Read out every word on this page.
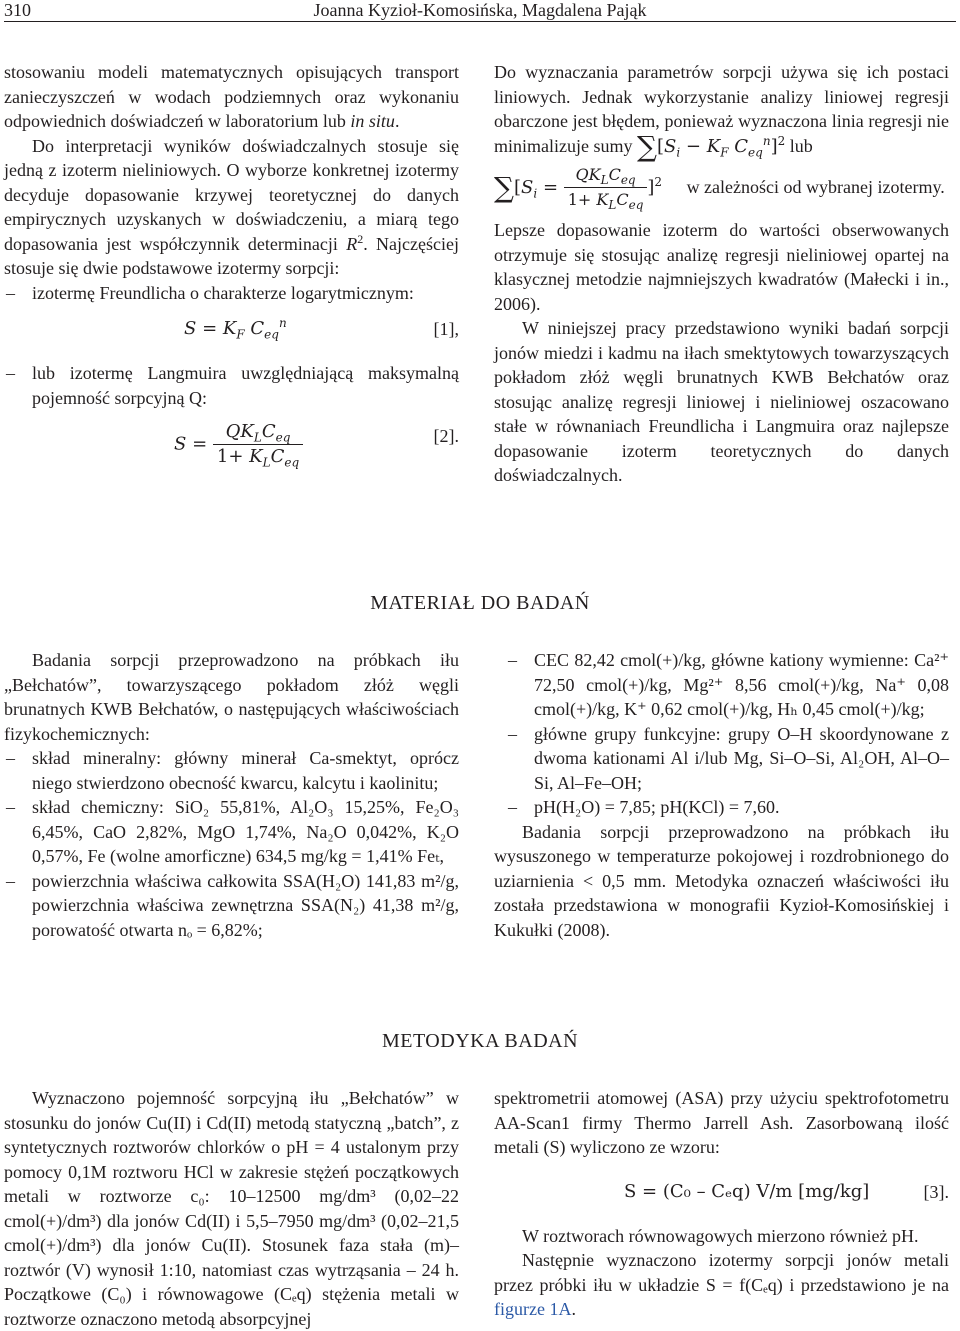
310	Joanna Kyzioł-Komosińska, Magdalena Pająk

stosowaniu modeli matematycznych opisujących transport zanieczyszczeń w wodach podziemnych oraz wykonaniu odpowiednich doświadczeń w laboratorium lub in situ.

Do interpretacji wyników doświadczalnych stosuje się jedną z izoterm nieliniowych. O wyborze konkretnej izotermy decyduje dopasowanie krzywej teoretycznej do danych empirycznych uzyskanych w doświadczeniu, a miarą tego dopasowania jest współczynnik determinacji $R^2$. Najczęściej stosuje się dwie podstawowe izotermy sorpcji:

– izotermę Freundlicha o charakterze logarytmicznym:

$S = K_F$ $C_{eq}^n$	[1],

– lub izotermę Langmuira uwzględniającą maksymalną pojemność sorpcyjną Q:

$S = \frac{QK_LC_{eq}}{1+ K_LC_{eq}}$	[2].

Do wyznaczania parametrów sorpcji używa się ich postaci liniowych. Jednak wykorzystanie analizy liniowej regresji obarczone jest błędem, ponieważ wyznaczona linia regresji nie minimalizuje sumy $\sum[S_i - K_F$ $C_{eq}^n]^2$ lub

$\sum[S_i = \frac{QK_LC_{eq}}{1+ K_LC_{eq}} ]^2$ w zależności od wybranej izotermy.

Lepsze dopasowanie izoterm do wartości obserwowanych otrzymuje się stosując analizę regresji nieliniowej opartej na klasycznej metodzie najmniejszych kwadratów (Małecki i in., 2006).

W niniejszej pracy przedstawiono wyniki badań sorpcji jonów miedzi i kadmu na iłach smektytowych towarzyszących pokładom złóż węgli brunatnych KWB Bełchatów oraz stosując analizę regresji liniowej i nieliniowej oszacowano stałe w równaniach Freundlicha i Langmuira oraz najlepsze dopasowanie izoterm teoretycznych do danych doświadczalnych.

MATERIAŁ DO BADAŃ

Badania sorpcji przeprowadzono na próbkach iłu „Bełchatów”, towarzyszącego pokładom złóż węgli brunatnych KWB Bełchatów, o następujących właściwościach fizykochemicznych:

– skład mineralny: główny minerał Ca-smektyt, oprócz niego stwierdzono obecność kwarcu, kalcytu i kaolinitu;

– skład chemiczny: SiO₂ 55,81%, Al₂O₃ 15,25%, Fe₂O₃ 6,45%, CaO 2,82%, MgO 1,74%, Na₂O 0,042%, K₂O 0,57%, Fe (wolne amorficzne) 634,5 mg/kg = 1,41% Feₜ,

– powierzchnia właściwa całkowita SSA(H₂O) 141,83 m²/g, powierzchnia właściwa zewnętrzna SSA(N₂) 41,38 m²/g, porowatość otwarta nₒ = 6,82%;

– CEC 82,42 cmol(+)/kg, główne kationy wymienne: Ca²⁺ 72,50 cmol(+)/kg, Mg²⁺ 8,56 cmol(+)/kg, Na⁺ 0,08 cmol(+)/kg, K⁺ 0,62 cmol(+)/kg, Hₕ 0,45 cmol(+)/kg;

– główne grupy funkcyjne: grupy O–H skoordynowane z dwoma kationami Al i/lub Mg, Si–O–Si, Al₂OH, Al–O–Si, Al–Fe–OH;

– pH(H₂O) = 7,85; pH(KCl) = 7,60.

Badania sorpcji przeprowadzono na próbkach iłu wysuszonego w temperaturze pokojowej i rozdrobnionego do uziarnienia < 0,5 mm. Metodyka oznaczeń właściwości iłu została przedstawiona w monografii Kyzioł-Komosińskiej i Kukułki (2008).

METODYKA BADAŃ

Wyznaczono pojemność sorpcyjną iłu „Bełchatów” w stosunku do jonów Cu(II) i Cd(II) metodą statyczną „batch”, z syntetycznych roztworów chlorków o pH = 4 ustalonym przy pomocy 0,1M roztworu HCl w zakresie stężeń początkowych metali w roztworze c₀: 10–12500 mg/dm³ (0,02–22 cmol(+)/dm³) dla jonów Cd(II) i 5,5–7950 mg/dm³ (0,02–21,5 cmol(+)/dm³) dla jonów Cu(II). Stosunek faza stała (m)–roztwór (V) wynosił 1:10, natomiast czas wytrząsania – 24 h. Początkowe (C₀) i równowagowe (Cₑq) stężenia metali w roztworze oznaczono metodą absorpcyjnej

spektrometrii atomowej (ASA) przy użyciu spektrofotometru AA-Scan1 firmy Thermo Jarrell Ash. Zasorbowaną ilość metali (S) wyliczono ze wzoru:

S = (C₀ – Cₑq) V/m [mg/kg]	[3].

W roztworach równowagowych mierzono również pH.

Następnie wyznaczono izotermy sorpcji jonów metali przez próbki iłu w układzie S = f(Cₑq) i przedstawiono je na figurze 1A.
